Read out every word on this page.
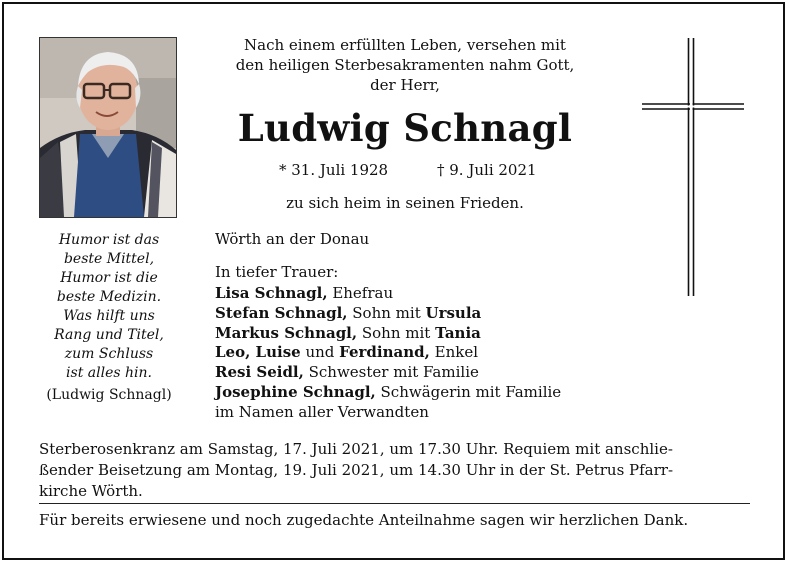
Nach einem erfüllten Leben, versehen mit
den heiligen Sterbesakramenten nahm Gott,
der Herr,
Ludwig Schnagl
* 31. Juli 1928	† 9. Juli 2021
zu sich heim in seinen Frieden.
Humor ist das
beste Mittel,
Humor ist die
beste Medizin.
Was hilft uns
Rang und Titel,
zum Schluss
ist alles hin.
(Ludwig Schnagl)
Wörth an der Donau
In tiefer Trauer:
Lisa Schnagl, Ehefrau
Stefan Schnagl, Sohn mit Ursula
Markus Schnagl, Sohn mit Tania
Leo, Luise und Ferdinand, Enkel
Resi Seidl, Schwester mit Familie
Josephine Schnagl, Schwägerin mit Familie
im Namen aller Verwandten
Sterberosenkranz am Samstag, 17. Juli 2021, um 17.30 Uhr. Requiem mit anschlie-
ßender Beisetzung am Montag, 19. Juli 2021, um 14.30 Uhr in der St. Petrus Pfarr-
kirche Wörth.
Für bereits erwiesene und noch zugedachte Anteilnahme sagen wir herzlichen Dank.
